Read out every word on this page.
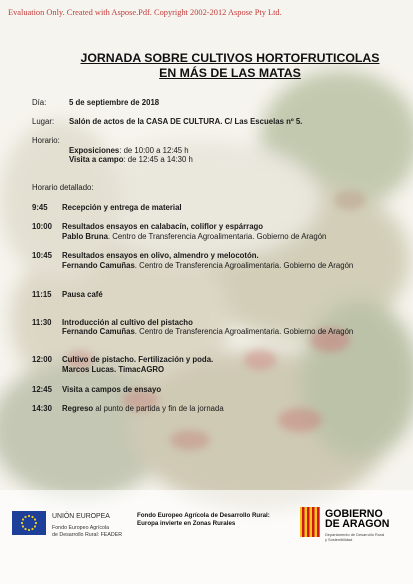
Evaluation Only. Created with Aspose.Pdf. Copyright 2002-2012 Aspose Pty Ltd.
JORNADA SOBRE CULTIVOS HORTOFRUTICOLAS
EN MÁS DE LAS MATAS
Día:	5 de septiembre de 2018
Lugar: Salón de actos de la CASA DE CULTURA. C/ Las Escuelas nº 5.
Horario:
Exposiciones: de 10:00 a 12:45 h
Visita a campo: de 12:45 a 14:30 h
Horario detallado:
9:45 Recepción y entrega de material
10:00 Resultados ensayos en calabacín, coliflor y espárrago
Pablo Bruna. Centro de Transferencia Agroalimentaria. Gobierno de Aragón
10:45 Resultados ensayos en olivo, almendro y melocotón.
Fernando Camuñas. Centro de Transferencia Agroalimentaria. Gobierno de Aragón
11:15 Pausa café
11:30 Introducción al cultivo del pistacho
Fernando Camuñas. Centro de Transferencia Agroalimentaria. Gobierno de Aragón
12:00 Cultivo de pistacho. Fertilización y poda.
Marcos Lucas. TimacAGRO
12:45 Visita a campos de ensayo
14:30 Regreso al punto de partida y fin de la jornada
UNIÓN EUROPEA
Fondo Europeo Agrícola
de Desarrollo Rural: FEADER
Fondo Europeo Agrícola de Desarrollo Rural:
Europa invierte en Zonas Rurales
GOBIERNO
DE ARAGON
Departamento de Desarrollo Rural
y Sostenibilidad
